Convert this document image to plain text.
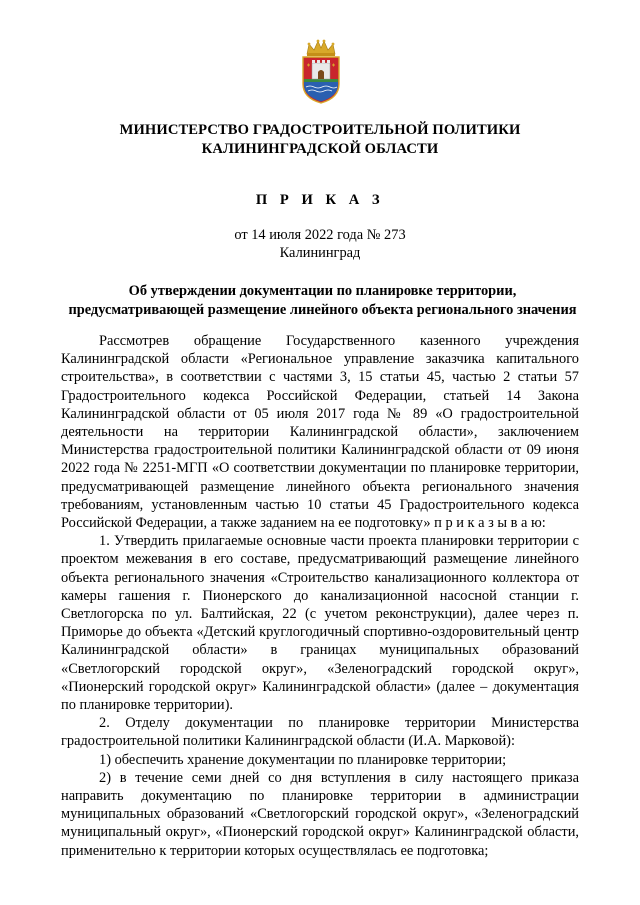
МИНИСТЕРСТВО ГРАДОСТРОИТЕЛЬНОЙ ПОЛИТИКИ
КАЛИНИНГРАДСКОЙ ОБЛАСТИ
П Р И К А З
от 14 июля 2022 года № 273
Калининград
Об утверждении документации по планировке территории,
предусматривающей размещение линейного объекта регионального значения

Рассмотрев обращение Государственного казенного учреждения Калининградской области «Региональное управление заказчика капитального строительства», в соответствии с частями 3, 15 статьи 45, частью 2 статьи 57 Градостроительного кодекса Российской Федерации, статьей 14 Закона Калининградской области от 05 июля 2017 года № 89 «О градостроительной деятельности на территории Калининградской области», заключением Министерства градостроительной политики Калининградской области от 09 июня 2022 года № 2251-МГП «О соответствии документации по планировке территории, предусматривающей размещение линейного объекта регионального значения требованиям, установленным частью 10 статьи 45 Градостроительного кодекса Российской Федерации, а также заданием на ее подготовку» п р и к а з ы в а ю:

1. Утвердить прилагаемые основные части проекта планировки территории с проектом межевания в его составе, предусматривающий размещение линейного объекта регионального значения «Строительство канализационного коллектора от камеры гашения г. Пионерского до канализационной насосной станции г. Светлогорска по ул. Балтийская, 22 (с учетом реконструкции), далее через п. Приморье до объекта «Детский круглогодичный спортивно-оздоровительный центр Калининградской области» в границах муниципальных образований «Светлогорский городской округ», «Зеленоградский городской округ», «Пионерский городской округ» Калининградской области» (далее – документация по планировке территории).

2. Отделу документации по планировке территории Министерства градостроительной политики Калининградской области (И.А. Марковой):

1) обеспечить хранение документации по планировке территории;

2) в течение семи дней со дня вступления в силу настоящего приказа направить документацию по планировке территории в администрации муниципальных образований «Светлогорский городской округ», «Зеленоградский муниципальный округ», «Пионерский городской округ» Калининградской области, применительно к территории которых осуществлялась ее подготовка;
